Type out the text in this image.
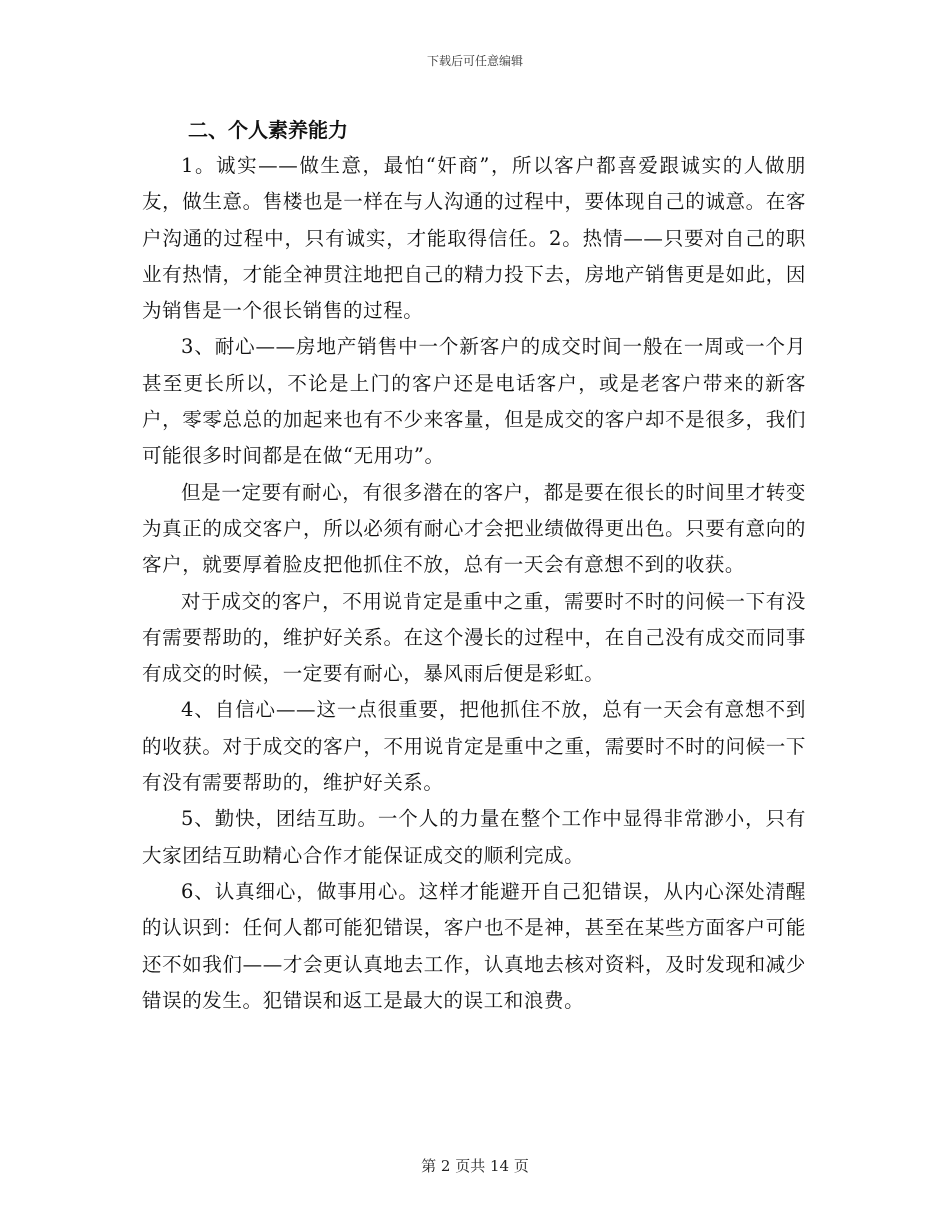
下载后可任意编辑
二、个人素养能力

1。诚实——做生意，最怕“奸商”，所以客户都喜爱跟诚实的人做朋友，做生意。售楼也是一样在与人沟通的过程中，要体现自己的诚意。在客户沟通的过程中，只有诚实，才能取得信任。2。热情——只要对自己的职业有热情，才能全神贯注地把自己的精力投下去，房地产销售更是如此，因为销售是一个很长销售的过程。

3、耐心——房地产销售中一个新客户的成交时间一般在一周或一个月甚至更长所以，不论是上门的客户还是电话客户，或是老客户带来的新客户，零零总总的加起来也有不少来客量，但是成交的客户却不是很多，我们可能很多时间都是在做“无用功”。

但是一定要有耐心，有很多潜在的客户，都是要在很长的时间里才转变为真正的成交客户，所以必须有耐心才会把业绩做得更出色。只要有意向的客户，就要厚着脸皮把他抓住不放，总有一天会有意想不到的收获。

对于成交的客户，不用说肯定是重中之重，需要时不时的问候一下有没有需要帮助的，维护好关系。在这个漫长的过程中，在自己没有成交而同事有成交的时候，一定要有耐心，暴风雨后便是彩虹。

4、自信心——这一点很重要，把他抓住不放，总有一天会有意想不到的收获。对于成交的客户，不用说肯定是重中之重，需要时不时的问候一下有没有需要帮助的，维护好关系。

5、勤快，团结互助。一个人的力量在整个工作中显得非常渺小，只有大家团结互助精心合作才能保证成交的顺利完成。

6、认真细心，做事用心。这样才能避开自己犯错误，从内心深处清醒的认识到：任何人都可能犯错误，客户也不是神，甚至在某些方面客户可能还不如我们——才会更认真地去工作，认真地去核对资料，及时发现和减少错误的发生。犯错误和返工是最大的误工和浪费。

第 2 页共 14 页
